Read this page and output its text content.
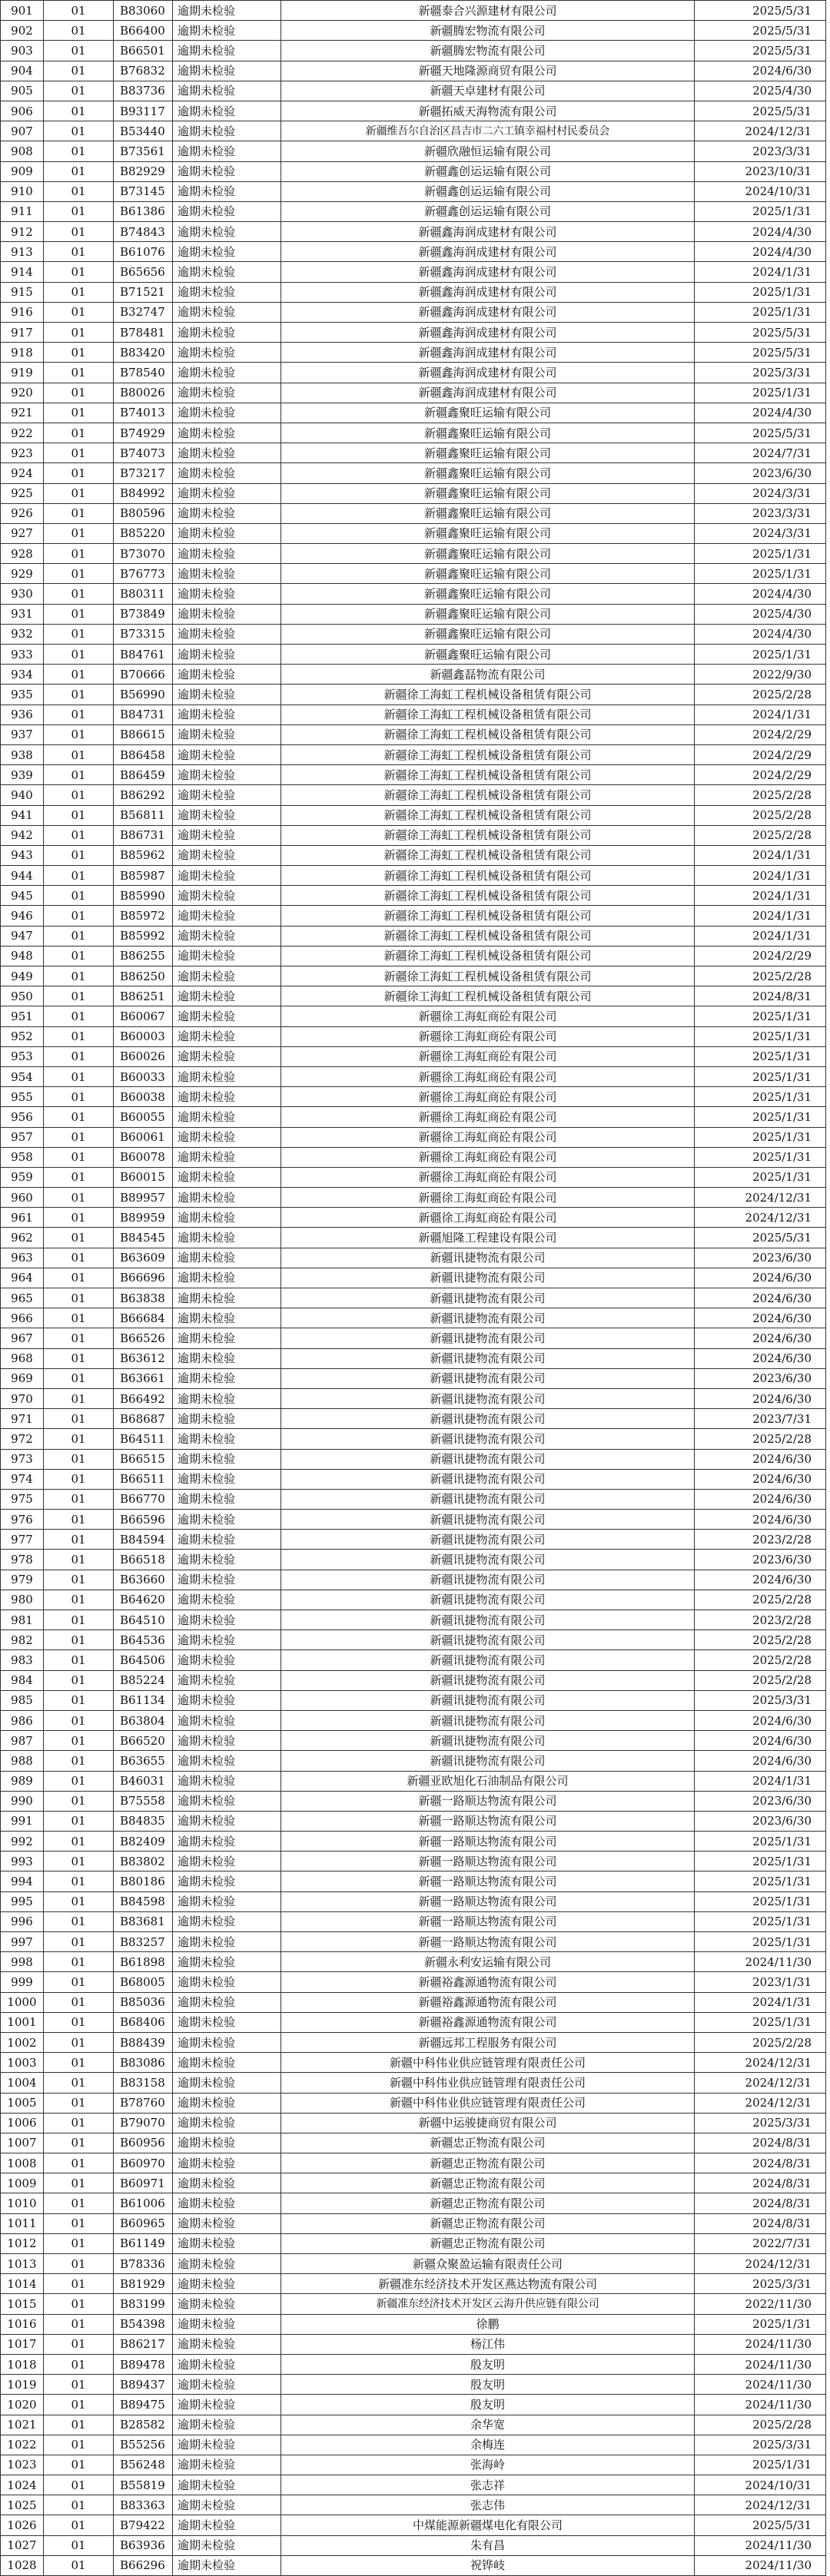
901	01	B83060	逾期未检验	新疆泰合兴源建材有限公司	2025/5/31
902	01	B66400	逾期未检验	新疆腾宏物流有限公司	2025/5/31
903	01	B66501	逾期未检验	新疆腾宏物流有限公司	2025/5/31
904	01	B76832	逾期未检验	新疆天地隆源商贸有限公司	2024/6/30
905	01	B83736	逾期未检验	新疆天卓建材有限公司	2025/4/30
906	01	B93117	逾期未检验	新疆拓威天海物流有限公司	2025/5/31
907	01	B53440	逾期未检验	新疆维吾尔自治区昌吉市二六工镇幸福村村民委员会	2024/12/31
908	01	B73561	逾期未检验	新疆欣融恒运输有限公司	2023/3/31
909	01	B82929	逾期未检验	新疆鑫创运运输有限公司	2023/10/31
910	01	B73145	逾期未检验	新疆鑫创运运输有限公司	2024/10/31
911	01	B61386	逾期未检验	新疆鑫创运运输有限公司	2025/1/31
912	01	B74843	逾期未检验	新疆鑫海润成建材有限公司	2024/4/30
913	01	B61076	逾期未检验	新疆鑫海润成建材有限公司	2024/4/30
914	01	B65656	逾期未检验	新疆鑫海润成建材有限公司	2024/1/31
915	01	B71521	逾期未检验	新疆鑫海润成建材有限公司	2025/1/31
916	01	B32747	逾期未检验	新疆鑫海润成建材有限公司	2025/1/31
917	01	B78481	逾期未检验	新疆鑫海润成建材有限公司	2025/5/31
918	01	B83420	逾期未检验	新疆鑫海润成建材有限公司	2025/5/31
919	01	B78540	逾期未检验	新疆鑫海润成建材有限公司	2025/3/31
920	01	B80026	逾期未检验	新疆鑫海润成建材有限公司	2025/1/31
921	01	B74013	逾期未检验	新疆鑫聚旺运输有限公司	2024/4/30
922	01	B74929	逾期未检验	新疆鑫聚旺运输有限公司	2025/5/31
923	01	B74073	逾期未检验	新疆鑫聚旺运输有限公司	2024/7/31
924	01	B73217	逾期未检验	新疆鑫聚旺运输有限公司	2023/6/30
925	01	B84992	逾期未检验	新疆鑫聚旺运输有限公司	2024/3/31
926	01	B80596	逾期未检验	新疆鑫聚旺运输有限公司	2023/3/31
927	01	B85220	逾期未检验	新疆鑫聚旺运输有限公司	2024/3/31
928	01	B73070	逾期未检验	新疆鑫聚旺运输有限公司	2025/1/31
929	01	B76773	逾期未检验	新疆鑫聚旺运输有限公司	2025/1/31
930	01	B80311	逾期未检验	新疆鑫聚旺运输有限公司	2024/4/30
931	01	B73849	逾期未检验	新疆鑫聚旺运输有限公司	2025/4/30
932	01	B73315	逾期未检验	新疆鑫聚旺运输有限公司	2024/4/30
933	01	B84761	逾期未检验	新疆鑫聚旺运输有限公司	2025/1/31
934	01	B70666	逾期未检验	新疆鑫磊物流有限公司	2022/9/30
935	01	B56990	逾期未检验	新疆徐工海虹工程机械设备租赁有限公司	2025/2/28
936	01	B84731	逾期未检验	新疆徐工海虹工程机械设备租赁有限公司	2024/1/31
937	01	B86615	逾期未检验	新疆徐工海虹工程机械设备租赁有限公司	2024/2/29
938	01	B86458	逾期未检验	新疆徐工海虹工程机械设备租赁有限公司	2024/2/29
939	01	B86459	逾期未检验	新疆徐工海虹工程机械设备租赁有限公司	2024/2/29
940	01	B86292	逾期未检验	新疆徐工海虹工程机械设备租赁有限公司	2025/2/28
941	01	B56811	逾期未检验	新疆徐工海虹工程机械设备租赁有限公司	2025/2/28
942	01	B86731	逾期未检验	新疆徐工海虹工程机械设备租赁有限公司	2025/2/28
943	01	B85962	逾期未检验	新疆徐工海虹工程机械设备租赁有限公司	2024/1/31
944	01	B85987	逾期未检验	新疆徐工海虹工程机械设备租赁有限公司	2024/1/31
945	01	B85990	逾期未检验	新疆徐工海虹工程机械设备租赁有限公司	2024/1/31
946	01	B85972	逾期未检验	新疆徐工海虹工程机械设备租赁有限公司	2024/1/31
947	01	B85992	逾期未检验	新疆徐工海虹工程机械设备租赁有限公司	2024/1/31
948	01	B86255	逾期未检验	新疆徐工海虹工程机械设备租赁有限公司	2024/2/29
949	01	B86250	逾期未检验	新疆徐工海虹工程机械设备租赁有限公司	2025/2/28
950	01	B86251	逾期未检验	新疆徐工海虹工程机械设备租赁有限公司	2024/8/31
951	01	B60067	逾期未检验	新疆徐工海虹商砼有限公司	2025/1/31
952	01	B60003	逾期未检验	新疆徐工海虹商砼有限公司	2025/1/31
953	01	B60026	逾期未检验	新疆徐工海虹商砼有限公司	2025/1/31
954	01	B60033	逾期未检验	新疆徐工海虹商砼有限公司	2025/1/31
955	01	B60038	逾期未检验	新疆徐工海虹商砼有限公司	2025/1/31
956	01	B60055	逾期未检验	新疆徐工海虹商砼有限公司	2025/1/31
957	01	B60061	逾期未检验	新疆徐工海虹商砼有限公司	2025/1/31
958	01	B60078	逾期未检验	新疆徐工海虹商砼有限公司	2025/1/31
959	01	B60015	逾期未检验	新疆徐工海虹商砼有限公司	2025/1/31
960	01	B89957	逾期未检验	新疆徐工海虹商砼有限公司	2024/12/31
961	01	B89959	逾期未检验	新疆徐工海虹商砼有限公司	2024/12/31
962	01	B84545	逾期未检验	新疆旭隆工程建设有限公司	2025/5/31
963	01	B63609	逾期未检验	新疆讯捷物流有限公司	2023/6/30
964	01	B66696	逾期未检验	新疆讯捷物流有限公司	2024/6/30
965	01	B63838	逾期未检验	新疆讯捷物流有限公司	2024/6/30
966	01	B66684	逾期未检验	新疆讯捷物流有限公司	2024/6/30
967	01	B66526	逾期未检验	新疆讯捷物流有限公司	2024/6/30
968	01	B63612	逾期未检验	新疆讯捷物流有限公司	2024/6/30
969	01	B63661	逾期未检验	新疆讯捷物流有限公司	2023/6/30
970	01	B66492	逾期未检验	新疆讯捷物流有限公司	2024/6/30
971	01	B68687	逾期未检验	新疆讯捷物流有限公司	2023/7/31
972	01	B64511	逾期未检验	新疆讯捷物流有限公司	2025/2/28
973	01	B66515	逾期未检验	新疆讯捷物流有限公司	2024/6/30
974	01	B66511	逾期未检验	新疆讯捷物流有限公司	2024/6/30
975	01	B66770	逾期未检验	新疆讯捷物流有限公司	2024/6/30
976	01	B66596	逾期未检验	新疆讯捷物流有限公司	2024/6/30
977	01	B84594	逾期未检验	新疆讯捷物流有限公司	2023/2/28
978	01	B66518	逾期未检验	新疆讯捷物流有限公司	2023/6/30
979	01	B63660	逾期未检验	新疆讯捷物流有限公司	2024/6/30
980	01	B64620	逾期未检验	新疆讯捷物流有限公司	2025/2/28
981	01	B64510	逾期未检验	新疆讯捷物流有限公司	2023/2/28
982	01	B64536	逾期未检验	新疆讯捷物流有限公司	2025/2/28
983	01	B64506	逾期未检验	新疆讯捷物流有限公司	2025/2/28
984	01	B85224	逾期未检验	新疆讯捷物流有限公司	2025/2/28
985	01	B61134	逾期未检验	新疆讯捷物流有限公司	2025/3/31
986	01	B63804	逾期未检验	新疆讯捷物流有限公司	2024/6/30
987	01	B66520	逾期未检验	新疆讯捷物流有限公司	2024/6/30
988	01	B63655	逾期未检验	新疆讯捷物流有限公司	2024/6/30
989	01	B46031	逾期未检验	新疆亚欧旭化石油制品有限公司	2024/1/31
990	01	B75558	逾期未检验	新疆一路顺达物流有限公司	2023/6/30
991	01	B84835	逾期未检验	新疆一路顺达物流有限公司	2023/6/30
992	01	B82409	逾期未检验	新疆一路顺达物流有限公司	2025/1/31
993	01	B83802	逾期未检验	新疆一路顺达物流有限公司	2025/1/31
994	01	B80186	逾期未检验	新疆一路顺达物流有限公司	2025/1/31
995	01	B84598	逾期未检验	新疆一路顺达物流有限公司	2025/1/31
996	01	B83681	逾期未检验	新疆一路顺达物流有限公司	2025/1/31
997	01	B83257	逾期未检验	新疆一路顺达物流有限公司	2025/1/31
998	01	B61898	逾期未检验	新疆永利安运输有限公司	2024/11/30
999	01	B68005	逾期未检验	新疆裕鑫源通物流有限公司	2023/1/31
1000	01	B85036	逾期未检验	新疆裕鑫源通物流有限公司	2024/1/31
1001	01	B68406	逾期未检验	新疆裕鑫源通物流有限公司	2025/1/31
1002	01	B88439	逾期未检验	新疆远邦工程服务有限公司	2025/2/28
1003	01	B83086	逾期未检验	新疆中科伟业供应链管理有限责任公司	2024/12/31
1004	01	B83158	逾期未检验	新疆中科伟业供应链管理有限责任公司	2024/12/31
1005	01	B78760	逾期未检验	新疆中科伟业供应链管理有限责任公司	2024/12/31
1006	01	B79070	逾期未检验	新疆中运骏捷商贸有限公司	2025/3/31
1007	01	B60956	逾期未检验	新疆忠正物流有限公司	2024/8/31
1008	01	B60970	逾期未检验	新疆忠正物流有限公司	2024/8/31
1009	01	B60971	逾期未检验	新疆忠正物流有限公司	2024/8/31
1010	01	B61006	逾期未检验	新疆忠正物流有限公司	2024/8/31
1011	01	B60965	逾期未检验	新疆忠正物流有限公司	2024/8/31
1012	01	B61149	逾期未检验	新疆忠正物流有限公司	2022/7/31
1013	01	B78336	逾期未检验	新疆众聚盈运输有限责任公司	2024/12/31
1014	01	B81929	逾期未检验	新疆准东经济技术开发区燕达物流有限公司	2025/3/31
1015	01	B83199	逾期未检验	新疆准东经济技术开发区云海升供应链有限公司	2022/11/30
1016	01	B54398	逾期未检验	徐鹏	2025/1/31
1017	01	B86217	逾期未检验	杨江伟	2024/11/30
1018	01	B89478	逾期未检验	殷友明	2024/11/30
1019	01	B89437	逾期未检验	殷友明	2024/11/30
1020	01	B89475	逾期未检验	殷友明	2024/11/30
1021	01	B28582	逾期未检验	余华宽	2025/2/28
1022	01	B55256	逾期未检验	余梅连	2025/3/31
1023	01	B56248	逾期未检验	张海岭	2025/1/31
1024	01	B55819	逾期未检验	张志祥	2024/10/31
1025	01	B83363	逾期未检验	张志伟	2024/12/31
1026	01	B79422	逾期未检验	中煤能源新疆煤电化有限公司	2025/5/31
1027	01	B63936	逾期未检验	朱有昌	2024/11/30
1028	01	B66296	逾期未检验	祝铧岐	2024/11/30
